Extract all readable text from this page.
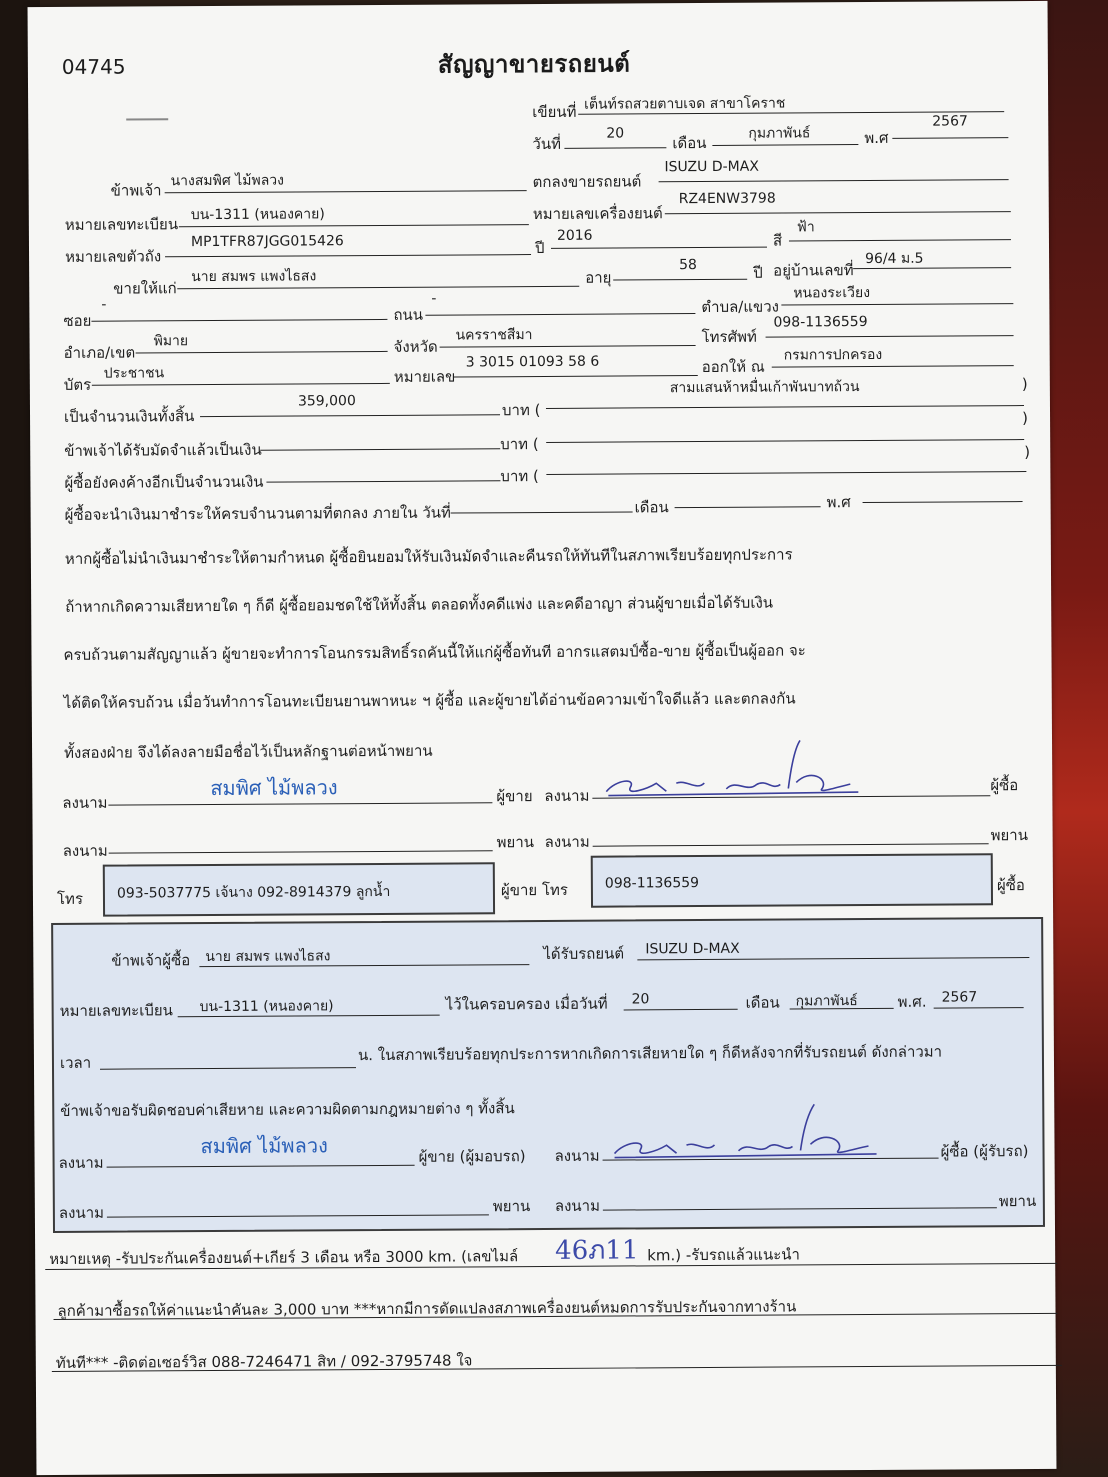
04745	สัญญาขายรถยนต์
เขียนที่ เต็นท์รถสวยตาบเจด สาขาโคราช
วันที่
20
เดือน
กุมภาพันธ์	พ.ศ
2567
ข้าพเจ้า
นางสมพิศ ไม้พลวง	ตกลงขายรถยนต์
ISUZU D-MAX
หมายเลขทะเบียน
บน-1311 (หนองคาย)	หมายเลขเครื่องยนต์
RZ4ENW3798
หมายเลขตัวถัง
MP1TFR87JGG015426	ปี
2016	สี
ฟ้า
ขายให้แก่
นาย สมพร แพงไธสง	อายุ
58	ปี อยู่บ้านเลขที่
96/4 ม.5
ซอย
-
ถนน
-	ตำบล/แขวง
หนองระเวียง
อำเภอ/เขต
พิมาย	จังหวัด
นครราชสีมา	โทรศัพท์
098-1136559
บัตร
ประชาชน	หมายเลข
3 3015 01093 58 6	ออกให้ ณ
กรมการปกครอง
เป็นจำนวนเงินทั้งสิ้น
359,000	บาท (
สามแสนห้าหมื่นเก้าพันบาทถ้วน	)
ข้าพเจ้าได้รับมัดจำแล้วเป็นเงิน	บาท (
)
ผู้ซื้อยังคงค้างอีกเป็นจำนวนเงิน	บาท (
)
ผู้ซื้อจะนำเงินมาชำระให้ครบจำนวนตามที่ตกลง ภายใน วันที่	เดือน	พ.ศ
หากผู้ซื้อไม่นำเงินมาชำระให้ตามกำหนด ผู้ซื้อยินยอมให้รับเงินมัดจำและคืนรถให้ทันทีในสภาพเรียบร้อยทุกประการ
ถ้าหากเกิดความเสียหายใด ๆ ก็ดี ผู้ซื้อยอมชดใช้ให้ทั้งสิ้น ตลอดทั้งคดีแพ่ง และคดีอาญา ส่วนผู้ขายเมื่อได้รับเงิน
ครบถ้วนตามสัญญาแล้ว ผู้ขายจะทำการโอนกรรมสิทธิ์รถคันนี้ให้แก่ผู้ซื้อทันที อากรแสตมป์ซื้อ-ขาย ผู้ซื้อเป็นผู้ออก จะ
ได้ติดให้ครบถ้วน เมื่อวันทำการโอนทะเบียนยานพาหนะ ฯ ผู้ซื้อ และผู้ขายได้อ่านข้อความเข้าใจดีแล้ว และตกลงกัน
ทั้งสองฝ่าย จึงได้ลงลายมือชื่อไว้เป็นหลักฐานต่อหน้าพยาน
ลงนาม
สมพิศ ไม้พลวง	ผู้ขาย ลงนาม
ผู้ซื้อ
ลงนาม	พยาน ลงนาม	พยาน
โทร 093-5037775 เจ้นาง 092-8914379 ลูกน้ำ	ผู้ขาย โทร	098-1136559	ผู้ซื้อ
ข้าพเจ้าผู้ซื้อ นาย สมพร แพงไธสง	ได้รับรถยนต์ ISUZU D-MAX
หมายเลขทะเบียน บน-1311 (หนองคาย)	ไว้ในครอบครอง เมื่อวันที่ 20	เดือน กุมภาพันธ์	พ.ศ. 2567
เวลา	น. ในสภาพเรียบร้อยทุกประการหากเกิดการเสียหายใด ๆ ก็ดีหลังจากที่รับรถยนต์ ดังกล่าวมา
ข้าพเจ้าขอรับผิดชอบค่าเสียหาย และความผิดตามกฎหมายต่าง ๆ ทั้งสิ้น
ลงนาม
สมพิศ ไม้พลวง	ผู้ขาย (ผู้มอบรถ) ลงนาม	ผู้ซื้อ (ผู้รับรถ)
ลงนาม	พยาน ลงนาม	พยาน
หมายเหตุ -รับประกันเครื่องยนต์+เกียร์ 3 เดือน หรือ 3000 km. (เลขไมล์ 46ภ11 km.) -รับรถแล้วแนะนำ
ลูกค้ามาซื้อรถให้ค่าแนะนำคันละ 3,000 บาท ***หากมีการดัดแปลงสภาพเครื่องยนต์หมดการรับประกันจากทางร้าน
ทันที*** -ติดต่อเซอร์วิส 088-7246471 สิท / 092-3795748 ใจ
